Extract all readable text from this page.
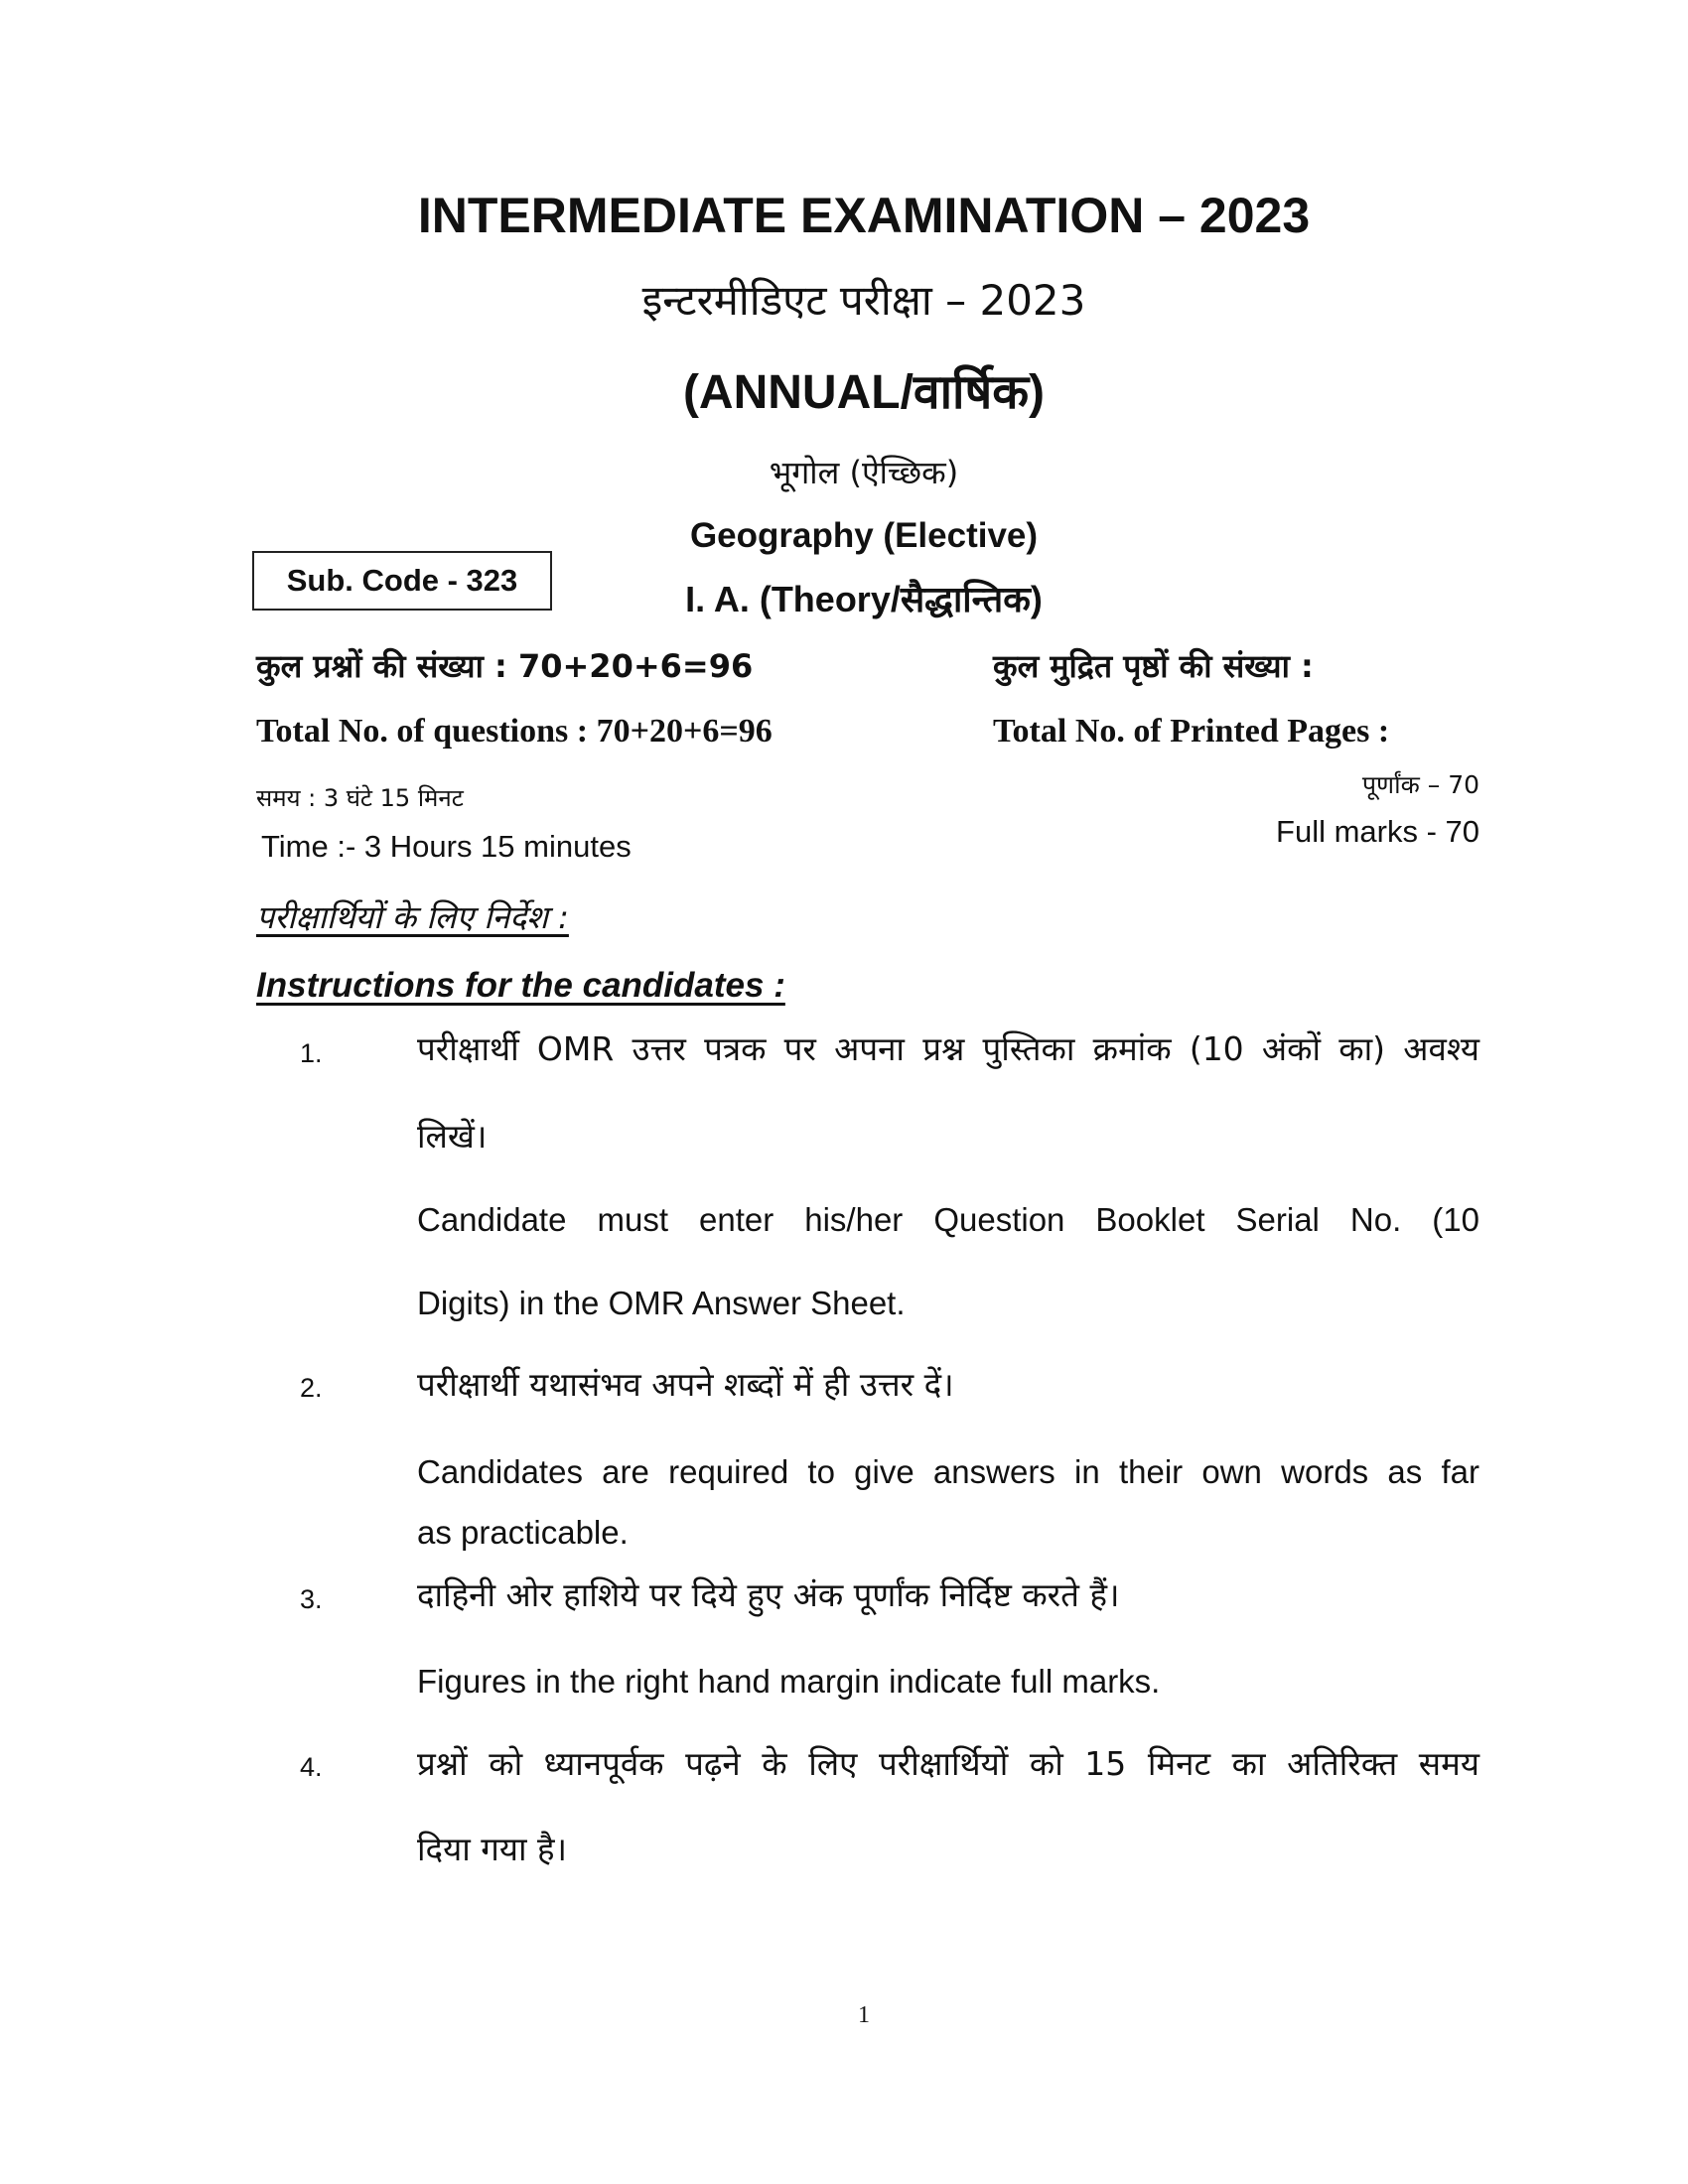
INTERMEDIATE EXAMINATION – 2023
इन्टरमीडिएट परीक्षा – 2023
(ANNUAL/वार्षिक)
भूगोल (ऐच्छिक)
Geography (Elective)
I. A. (Theory/सैद्धान्तिक)
Sub. Code - 323
कुल प्रश्नों की संख्या : 70+20+6=96
Total No. of questions : 70+20+6=96
कुल मुद्रित पृष्ठों की संख्या :
Total No. of Printed Pages :
समय : 3 घंटे 15 मिनट
Time :- 3 Hours 15 minutes
पूर्णांक – 70
Full marks - 70
परीक्षार्थियों के लिए निर्देश :
Instructions for the candidates :
1.	परीक्षार्थी OMR उत्तर पत्रक पर अपना प्रश्न पुस्तिका क्रमांक (10 अंकों का) अवश्य
लिखें।
Candidate must enter his/her Question Booklet Serial No. (10
Digits) in the OMR Answer Sheet.
2.	परीक्षार्थी यथासंभव अपने शब्दों में ही उत्तर दें।
Candidates are required to give answers in their own words as far
as practicable.
3.	दाहिनी ओर हाशिये पर दिये हुए अंक पूर्णांक निर्दिष्ट करते हैं।
Figures in the right hand margin indicate full marks.
4.	प्रश्नों को ध्यानपूर्वक पढ़ने के लिए परीक्षार्थियों को 15 मिनट का अतिरिक्त समय
दिया गया है।
1
